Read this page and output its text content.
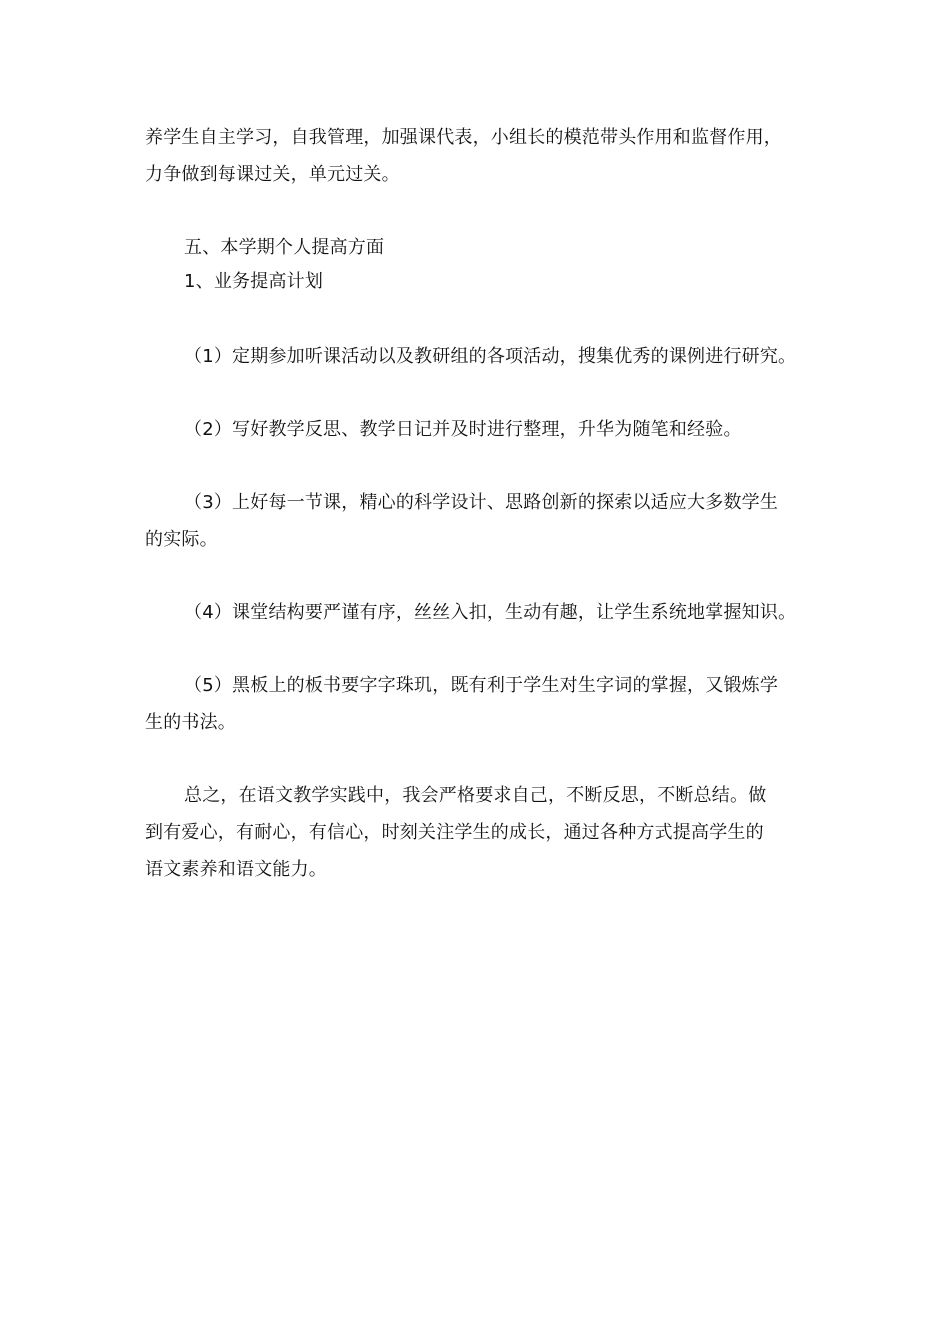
养学生自主学习，自我管理，加强课代表，小组长的模范带头作用和监督作用，
力争做到每课过关，单元过关。
五、本学期个人提高方面
1、业务提高计划
（1）定期参加听课活动以及教研组的各项活动，搜集优秀的课例进行研究。
（2）写好教学反思、教学日记并及时进行整理，升华为随笔和经验。
（3）上好每一节课，精心的科学设计、思路创新的探索以适应大多数学生
的实际。
（4）课堂结构要严谨有序，丝丝入扣，生动有趣，让学生系统地掌握知识。
（5）黑板上的板书要字字珠玑，既有利于学生对生字词的掌握，又锻炼学
生的书法。
总之，在语文教学实践中，我会严格要求自己，不断反思，不断总结。做
到有爱心，有耐心，有信心，时刻关注学生的成长，通过各种方式提高学生的
语文素养和语文能力。
